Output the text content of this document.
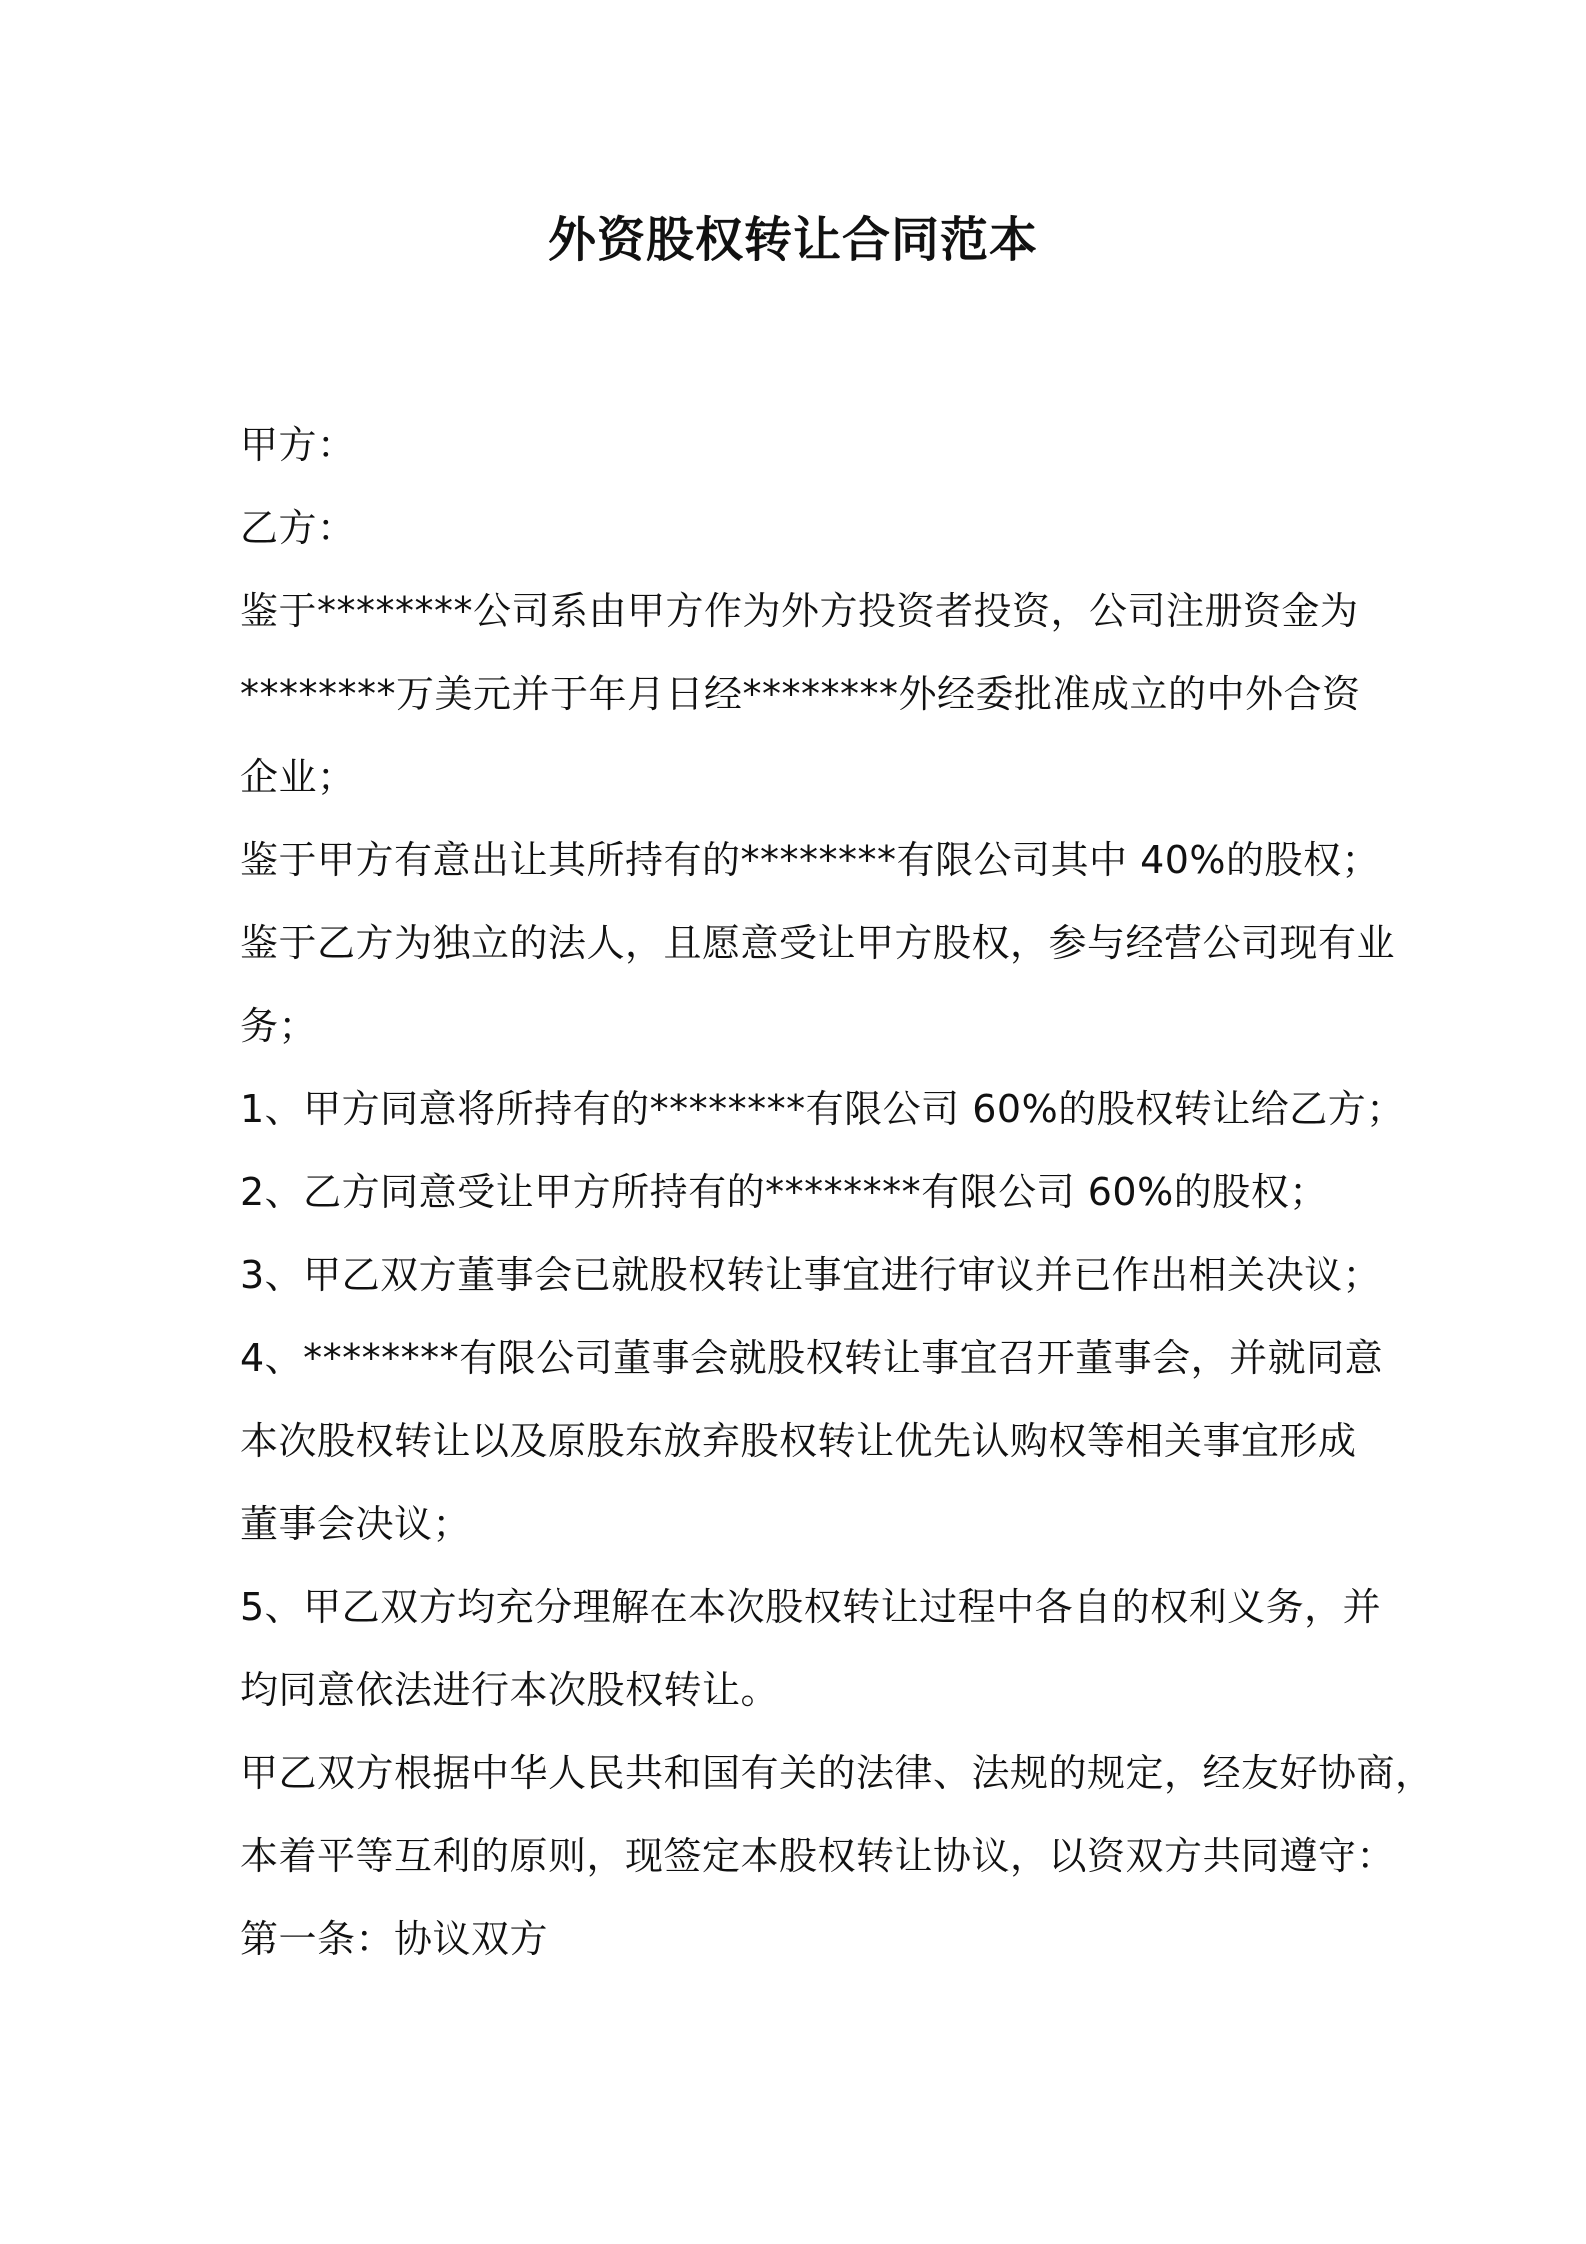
外资股权转让合同范本
甲方：
乙方：
鉴于********公司系由甲方作为外方投资者投资，公司注册资金为
********万美元并于年月日经********外经委批准成立的中外合资
企业；
鉴于甲方有意出让其所持有的********有限公司其中 40%的股权；
鉴于乙方为独立的法人，且愿意受让甲方股权，参与经营公司现有业
务；
1、甲方同意将所持有的********有限公司 60%的股权转让给乙方；
2、乙方同意受让甲方所持有的********有限公司 60%的股权；
3、甲乙双方董事会已就股权转让事宜进行审议并已作出相关决议；
4、********有限公司董事会就股权转让事宜召开董事会，并就同意
本次股权转让以及原股东放弃股权转让优先认购权等相关事宜形成
董事会决议；
5、甲乙双方均充分理解在本次股权转让过程中各自的权利义务，并
均同意依法进行本次股权转让。
甲乙双方根据中华人民共和国有关的法律、法规的规定，经友好协商，
本着平等互利的原则，现签定本股权转让协议，以资双方共同遵守：
第一条：协议双方
